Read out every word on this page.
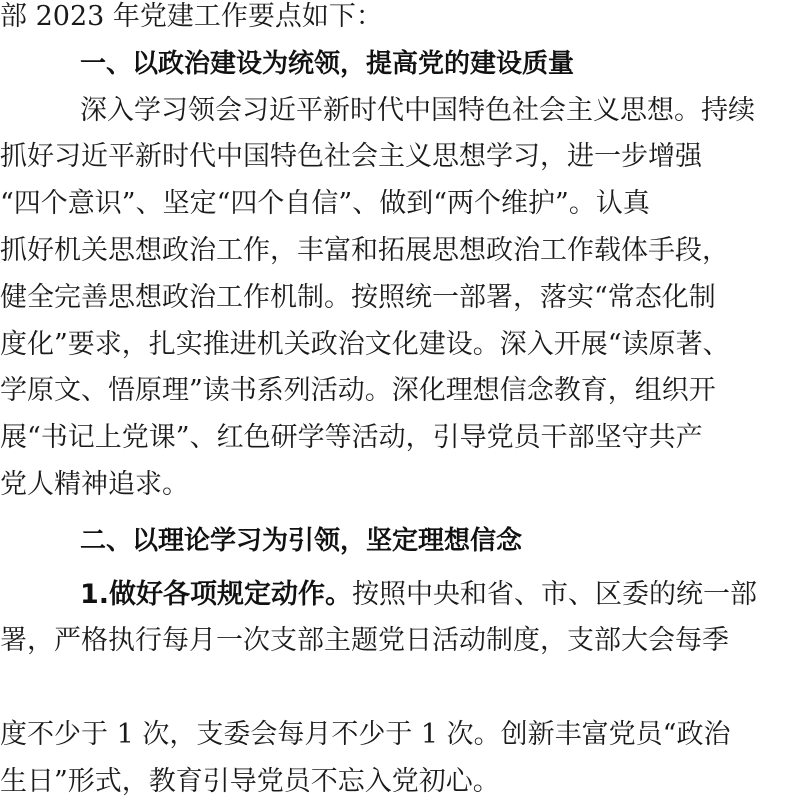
部 2023 年党建工作要点如下：
一、以政治建设为统领，提高党的建设质量
深入学习领会习近平新时代中国特色社会主义思想。持续
抓好习近平新时代中国特色社会主义思想学习，进一步增强
“四个意识”、坚定“四个自信”、做到“两个维护”。认真
抓好机关思想政治工作，丰富和拓展思想政治工作载体手段，
健全完善思想政治工作机制。按照统一部署，落实“常态化制
度化”要求，扎实推进机关政治文化建设。深入开展“读原著、
学原文、悟原理”读书系列活动。深化理想信念教育，组织开
展“书记上党课”、红色研学等活动，引导党员干部坚守共产
党人精神追求。
二、以理论学习为引领，坚定理想信念
1.做好各项规定动作。按照中央和省、市、区委的统一部
署，严格执行每月一次支部主题党日活动制度，支部大会每季
度不少于 1 次，支委会每月不少于 1 次。创新丰富党员“政治
生日”形式，教育引导党员不忘入党初心。
